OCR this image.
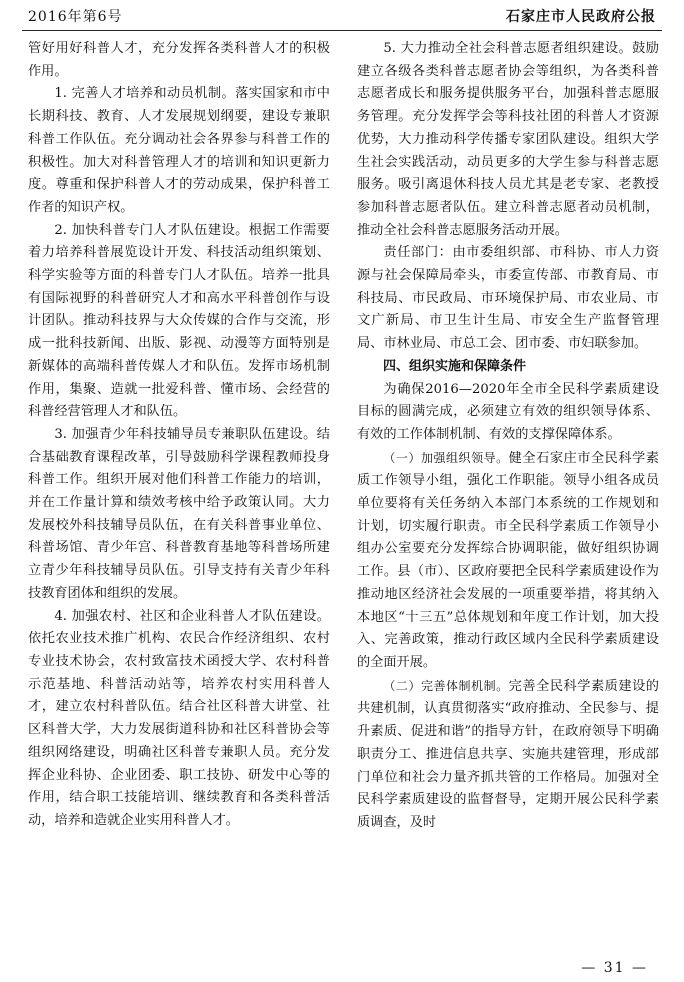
2016年第6号	石家庄市人民政府公报

管好用好科普人才，充分发挥各类科普人才的积极作用。

1. 完善人才培养和动员机制。落实国家和市中长期科技、教育、人才发展规划纲要，建设专兼职科普工作队伍。充分调动社会各界参与科普工作的积极性。加大对科普管理人才的培训和知识更新力度。尊重和保护科普人才的劳动成果，保护科普工作者的知识产权。

2. 加快科普专门人才队伍建设。根据工作需要着力培养科普展览设计开发、科技活动组织策划、科学实验等方面的科普专门人才队伍。培养一批具有国际视野的科普研究人才和高水平科普创作与设计团队。推动科技界与大众传媒的合作与交流，形成一批科技新闻、出版、影视、动漫等方面特别是新媒体的高端科普传媒人才和队伍。发挥市场机制作用，集聚、造就一批爱科普、懂市场、会经营的科普经营管理人才和队伍。

3. 加强青少年科技辅导员专兼职队伍建设。结合基础教育课程改革，引导鼓励科学课程教师投身科普工作。组织开展对他们科普工作能力的培训，并在工作量计算和绩效考核中给予政策认同。大力发展校外科技辅导员队伍，在有关科普事业单位、科普场馆、青少年宫、科普教育基地等科普场所建立青少年科技辅导员队伍。引导支持有关青少年科技教育团体和组织的发展。

4. 加强农村、社区和企业科普人才队伍建设。依托农业技术推广机构、农民合作经济组织、农村专业技术协会，农村致富技术函授大学、农村科普示范基地、科普活动站等，培养农村实用科普人才，建立农村科普队伍。结合社区科普大讲堂、社区科普大学，大力发展街道科协和社区科普协会等组织网络建设，明确社区科普专兼职人员。充分发挥企业科协、企业团委、职工技协、研发中心等的作用，结合职工技能培训、继续教育和各类科普活动，培养和造就企业实用科普人才。

5. 大力推动全社会科普志愿者组织建设。鼓励建立各级各类科普志愿者协会等组织，为各类科普志愿者成长和服务提供服务平台，加强科普志愿服务管理。充分发挥学会等科技社团的科普人才资源优势，大力推动科学传播专家团队建设。组织大学生社会实践活动，动员更多的大学生参与科普志愿服务。吸引离退休科技人员尤其是老专家、老教授参加科普志愿者队伍。建立科普志愿者动员机制，推动全社会科普志愿服务活动开展。

责任部门：由市委组织部、市科协、市人力资源与社会保障局牵头，市委宣传部、市教育局、市科技局、市民政局、市环境保护局、市农业局、市文广新局、市卫生计生局、市安全生产监督管理局、市林业局、市总工会、团市委、市妇联参加。

四、组织实施和保障条件

为确保2016—2020年全市全民科学素质建设目标的圆满完成，必须建立有效的组织领导体系、有效的工作体制机制、有效的支撑保障体系。

（一）加强组织领导。健全石家庄市全民科学素质工作领导小组，强化工作职能。领导小组各成员单位要将有关任务纳入本部门本系统的工作规划和计划，切实履行职责。市全民科学素质工作领导小组办公室要充分发挥综合协调职能，做好组织协调工作。县（市）、区政府要把全民科学素质建设作为推动地区经济社会发展的一项重要举措，将其纳入本地区“十三五”总体规划和年度工作计划，加大投入、完善政策，推动行政区域内全民科学素质建设的全面开展。

（二）完善体制机制。完善全民科学素质建设的共建机制，认真贯彻落实“政府推动、全民参与、提升素质、促进和谐”的指导方针，在政府领导下明确职责分工、推进信息共享、实施共建管理，形成部门单位和社会力量齐抓共管的工作格局。加强对全民科学素质建设的监督督导，定期开展公民科学素质调查，及时

— 31 —
